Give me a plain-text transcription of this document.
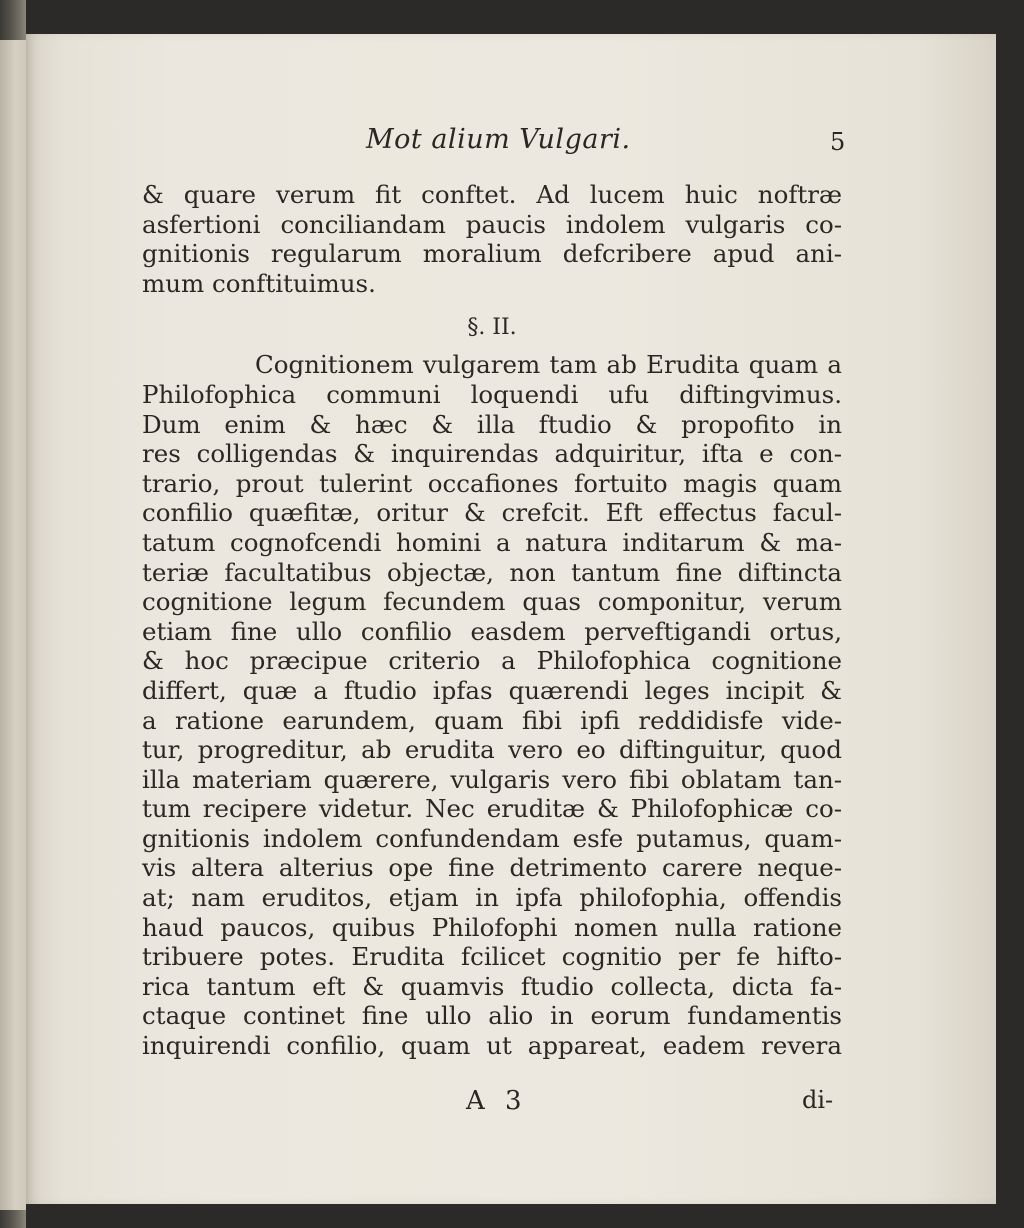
Mot alium Vulgari.	5
& quare verum fit conftet. Ad lucem huic noftræ
asfertioni conciliandam paucis indolem vulgaris co-
gnitionis regularum moralium defcribere apud ani-
mum conftituimus.
§. II.
Cognitionem vulgarem tam ab Erudita quam a
Philofophica communi loquendi ufu diftingvimus.
Dum enim & hæc & illa ftudio & propofito in
res colligendas & inquirendas adquiritur, ifta e con-
trario, prout tulerint occafiones fortuito magis quam
confilio quæfitæ, oritur & crefcit. Eft effectus facul-
tatum cognofcendi homini a natura inditarum & ma-
teriæ facultatibus objectæ, non tantum fine diftincta
cognitione legum fecundem quas componitur, verum
etiam fine ullo confilio easdem perveftigandi ortus,
& hoc præcipue criterio a Philofophica cognitione
differt, quæ a ftudio ipfas quærendi leges incipit &
a ratione earundem, quam fibi ipfi reddidisfe vide-
tur, progreditur, ab erudita vero eo diftinguitur, quod
illa materiam quærere, vulgaris vero fibi oblatam tan-
tum recipere videtur. Nec eruditæ & Philofophicæ co-
gnitionis indolem confundendam esfe putamus, quam-
vis altera alterius ope fine detrimento carere neque-
at; nam eruditos, etjam in ipfa philofophia, offendis
haud paucos, quibus Philofophi nomen nulla ratione
tribuere potes. Erudita fcilicet cognitio per fe hifto-
rica tantum eft & quamvis ftudio collecta, dicta fa-
ctaque continet fine ullo alio in eorum fundamentis
inquirendi confilio, quam ut appareat, eadem revera
A 3	di-
